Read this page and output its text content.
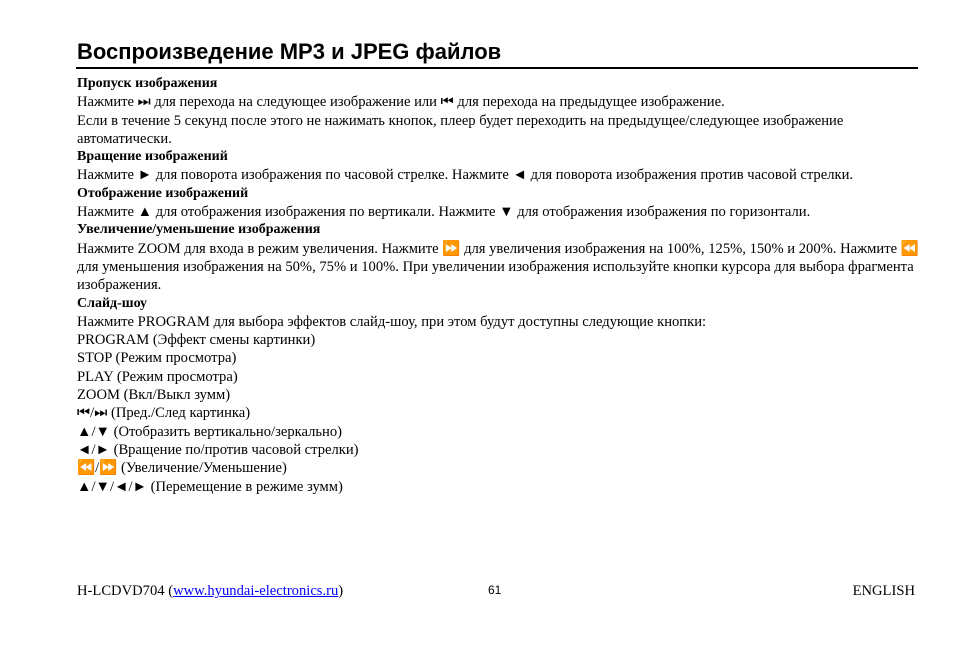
Воспроизведение MP3 и JPEG файлов

Пропуск изображения

Нажмите ⏭ для перехода на следующее изображение или ⏮ для перехода на предыдущее изображение.

Если в течение 5 секунд после этого не нажимать кнопок, плеер будет переходить на предыдущее/следующее изображение автоматически.

Вращение изображений

Нажмите ► для поворота изображения по часовой стрелке. Нажмите ◄ для поворота изображения против часовой стрелки.

Отображение изображений

Нажмите ▲ для отображения изображения по вертикали. Нажмите ▼ для отображения изображения по горизонтали.

Увеличение/уменьшение изображения

Нажмите ZOOM для входа в режим увеличения. Нажмите ⏩ для увеличения изображения на 100%, 125%, 150% и 200%. Нажмите ⏪ для уменьшения изображения на 50%, 75% и 100%. При увеличении изображения используйте кнопки курсора для выбора фрагмента изображения.

Слайд-шоу

Нажмите PROGRAM для выбора эффектов слайд-шоу, при этом будут доступны следующие кнопки:

PROGRAM (Эффект смены картинки)

STOP (Режим просмотра)

PLAY (Режим просмотра)

ZOOM (Вкл/Выкл зумм)

⏮/⏭ (Пред./След картинка)

▲/▼ (Отобразить вертикально/зеркально)

◄/► (Вращение по/против часовой стрелки)

⏪/⏩ (Увеличение/Уменьшение)

▲/▼/◄/► (Перемещение в режиме зумм)

H-LCDVD704 (www.hyundai-electronics.ru)	61	ENGLISH
